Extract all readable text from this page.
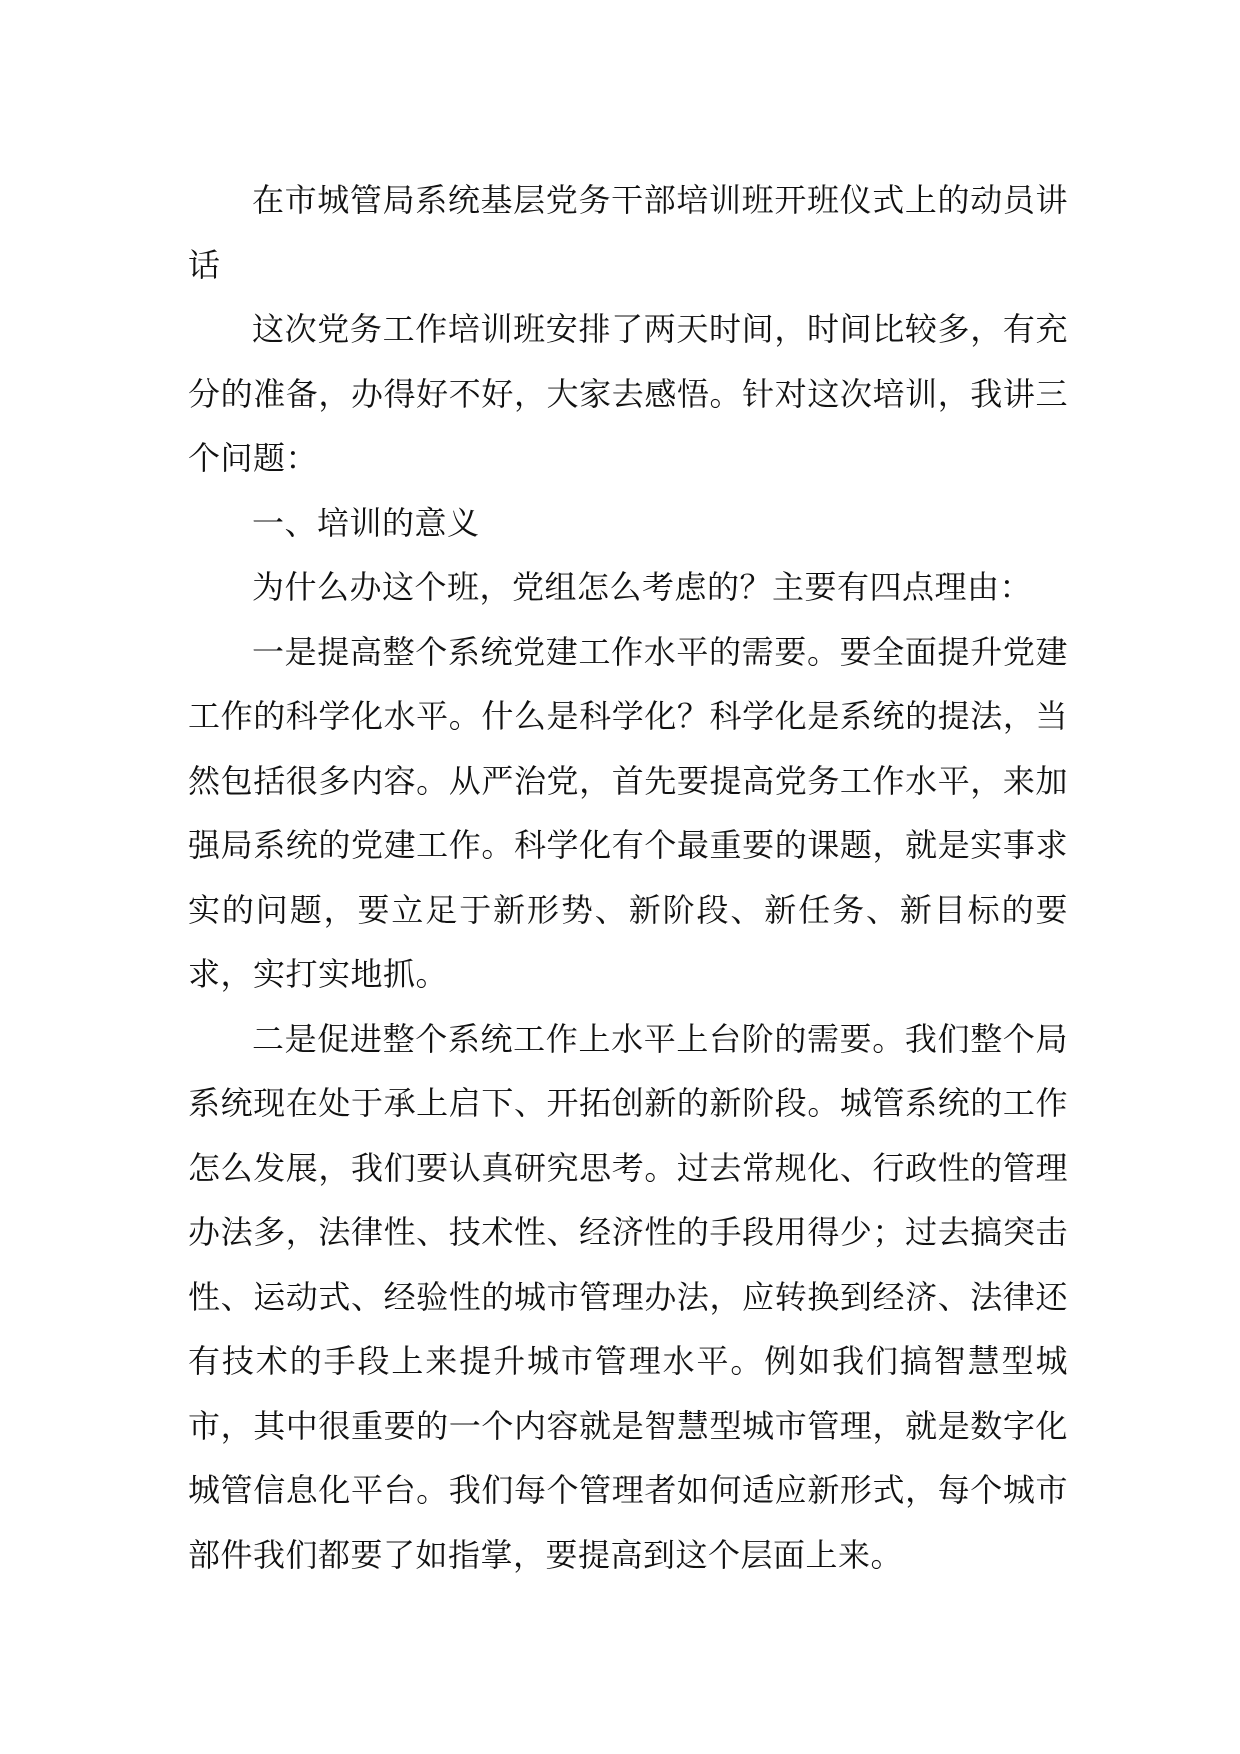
在市城管局系统基层党务干部培训班开班仪式上的动员讲话

这次党务工作培训班安排了两天时间，时间比较多，有充分的准备，办得好不好，大家去感悟。针对这次培训，我讲三个问题：

一、培训的意义

为什么办这个班，党组怎么考虑的？主要有四点理由：

一是提高整个系统党建工作水平的需要。要全面提升党建工作的科学化水平。什么是科学化？科学化是系统的提法，当然包括很多内容。从严治党，首先要提高党务工作水平，来加强局系统的党建工作。科学化有个最重要的课题，就是实事求实的问题，要立足于新形势、新阶段、新任务、新目标的要求，实打实地抓。

二是促进整个系统工作上水平上台阶的需要。我们整个局系统现在处于承上启下、开拓创新的新阶段。城管系统的工作怎么发展，我们要认真研究思考。过去常规化、行政性的管理办法多，法律性、技术性、经济性的手段用得少；过去搞突击性、运动式、经验性的城市管理办法，应转换到经济、法律还有技术的手段上来提升城市管理水平。例如我们搞智慧型城市，其中很重要的一个内容就是智慧型城市管理，就是数字化城管信息化平台。我们每个管理者如何适应新形式，每个城市部件我们都要了如指掌，要提高到这个层面上来。
